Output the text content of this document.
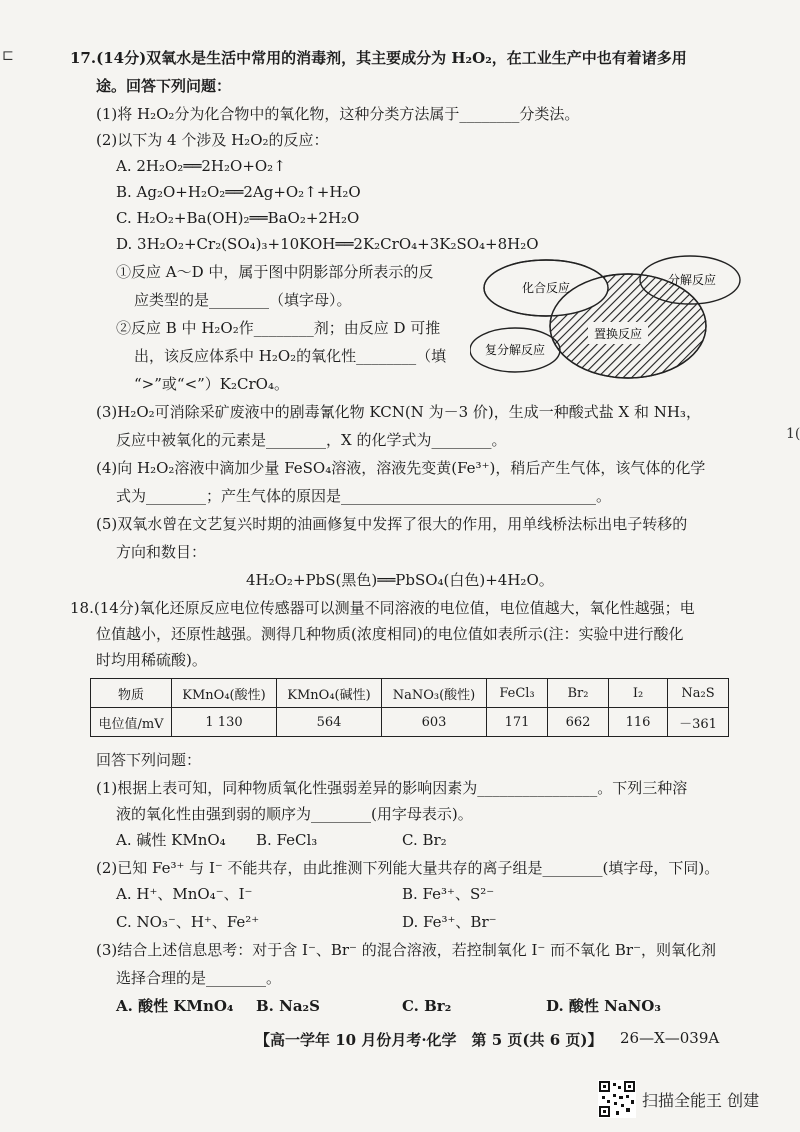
⊏
1(
17.(14分)双氧水是生活中常用的消毒剂，其主要成分为 H₂O₂，在工业生产中也有着诸多用
途。回答下列问题：
(1)将 H₂O₂分为化合物中的氧化物，这种分类方法属于________分类法。
(2)以下为 4 个涉及 H₂O₂的反应：
A. 2H₂O₂══2H₂O+O₂↑
B. Ag₂O+H₂O₂══2Ag+O₂↑+H₂O
C. H₂O₂+Ba(OH)₂══BaO₂+2H₂O
D. 3H₂O₂+Cr₂(SO₄)₃+10KOH══2K₂CrO₄+3K₂SO₄+8H₂O
①反应 A～D 中，属于图中阴影部分所表示的反
应类型的是________（填字母）。
②反应 B 中 H₂O₂作________剂；由反应 D 可推
出，该反应体系中 H₂O₂的氧化性________（填
“>”或“<”）K₂CrO₄。
化合反应
分解反应
置换反应
复分解反应
(3)H₂O₂可消除采矿废液中的剧毒氰化物 KCN(N 为－3 价)，生成一种酸式盐 X 和 NH₃，
反应中被氧化的元素是________，X 的化学式为________。
(4)向 H₂O₂溶液中滴加少量 FeSO₄溶液，溶液先变黄(Fe³⁺)，稍后产生气体，该气体的化学
式为________；产生气体的原因是__________________________________。
(5)双氧水曾在文艺复兴时期的油画修复中发挥了很大的作用，用单线桥法标出电子转移的
方向和数目：
4H₂O₂+PbS(黑色)══PbSO₄(白色)+4H₂O。
18.(14分)氧化还原反应电位传感器可以测量不同溶液的电位值，电位值越大，氧化性越强；电
位值越小，还原性越强。测得几种物质(浓度相同)的电位值如表所示(注：实验中进行酸化
时均用稀硫酸)。
物质	KMnO₄(酸性)	KMnO₄(碱性)	NaNO₃(酸性)	FeCl₃	Br₂	I₂	Na₂S
电位值/mV	1 130	564	603	171	662	116	－361
回答下列问题：
(1)根据上表可知，同种物质氧化性强弱差异的影响因素为________________。下列三种溶
液的氧化性由强到弱的顺序为________(用字母表示)。
A. 碱性 KMnO₄ B. FeCl₃	C. Br₂
(2)已知 Fe³⁺ 与 I⁻ 不能共存，由此推测下列能大量共存的离子组是________(填字母，下同)。
A. H⁺、MnO₄⁻、I⁻	B. Fe³⁺、S²⁻
C. NO₃⁻、H⁺、Fe²⁺	D. Fe³⁺、Br⁻
(3)结合上述信息思考：对于含 I⁻、Br⁻ 的混合溶液，若控制氧化 I⁻ 而不氧化 Br⁻，则氧化剂
选择合理的是________。
A. 酸性 KMnO₄ B. Na₂S	C. Br₂	D. 酸性 NaNO₃
【高一学年 10 月份月考·化学　第 5 页(共 6 页)】 26—X—039A
扫描全能王 创建
